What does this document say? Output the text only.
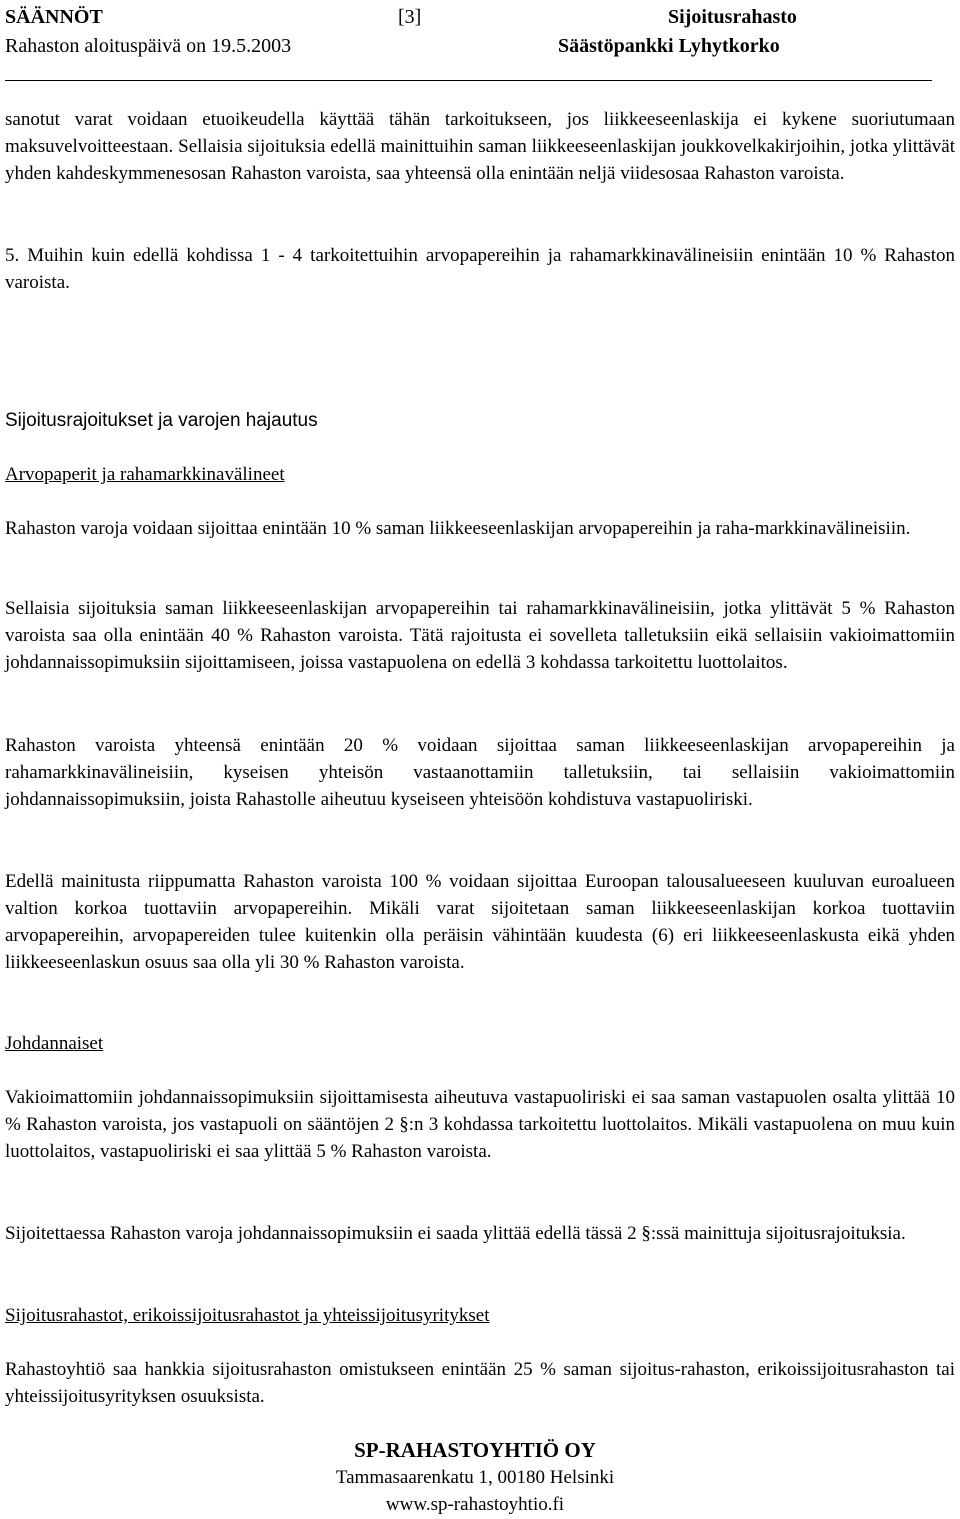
SÄÄNNÖT	[3]	Sijoitusrahasto
Rahaston aloituspäivä on 19.5.2003	Säästöpankki Lyhytkorko
sanotut varat voidaan etuoikeudella käyttää tähän tarkoitukseen, jos liikkeeseenlaskija ei kykene suoriutumaan maksuvelvoitteestaan. Sellaisia sijoituksia edellä mainittuihin saman liikkeeseenlaskijan joukkovelkakirjoihin, jotka ylittävät yhden kahdeskymmenesosan Rahaston varoista, saa yhteensä olla enintään neljä viidesosaa Rahaston varoista.
5. Muihin kuin edellä kohdissa 1 - 4 tarkoitettuihin arvopapereihin ja rahamarkkinavälineisiin enintään 10 % Rahaston varoista.
Sijoitusrajoitukset ja varojen hajautus
Arvopaperit ja rahamarkkinavälineet
Rahaston varoja voidaan sijoittaa enintään 10 % saman liikkeeseenlaskijan arvopapereihin ja raha-markkinavälineisiin.
Sellaisia sijoituksia saman liikkeeseenlaskijan arvopapereihin tai rahamarkkinavälineisiin, jotka ylittävät 5 % Rahaston varoista saa olla enintään 40 % Rahaston varoista. Tätä rajoitusta ei sovelleta talletuksiin eikä sellaisiin vakioimattomiin johdannaissopimuksiin sijoittamiseen, joissa vastapuolena on edellä 3 kohdassa tarkoitettu luottolaitos.
Rahaston varoista yhteensä enintään 20 % voidaan sijoittaa saman liikkeeseenlaskijan arvopapereihin ja rahamarkkinavälineisiin, kyseisen yhteisön vastaanottamiin talletuksiin, tai sellaisiin vakioimattomiin johdannaissopimuksiin, joista Rahastolle aiheutuu kyseiseen yhteisöön kohdistuva vastapuoliriski.
Edellä mainitusta riippumatta Rahaston varoista 100 % voidaan sijoittaa Euroopan talousalueeseen kuuluvan euroalueen valtion korkoa tuottaviin arvopapereihin. Mikäli varat sijoitetaan saman liikkeeseenlaskijan korkoa tuottaviin arvopapereihin, arvopapereiden tulee kuitenkin olla peräisin vähintään kuudesta (6) eri liikkeeseenlaskusta eikä yhden liikkeeseenlaskun osuus saa olla yli 30 % Rahaston varoista.
Johdannaiset
Vakioimattomiin johdannaissopimuksiin sijoittamisesta aiheutuva vastapuoliriski ei saa saman vastapuolen osalta ylittää 10 % Rahaston varoista, jos vastapuoli on sääntöjen 2 §:n 3 kohdassa tarkoitettu luottolaitos. Mikäli vastapuolena on muu kuin luottolaitos, vastapuoliriski ei saa ylittää 5 % Rahaston varoista.
Sijoitettaessa Rahaston varoja johdannaissopimuksiin ei saada ylittää edellä tässä 2 §:ssä mainittuja sijoitusrajoituksia.
Sijoitusrahastot, erikoissijoitusrahastot ja yhteissijoitusyritykset
Rahastoyhtiö saa hankkia sijoitusrahaston omistukseen enintään 25 % saman sijoitus-rahaston, erikoissijoitusrahaston tai yhteissijoitusyrityksen osuuksista.
SP-RAHASTOYHTIÖ OY
Tammasaarenkatu 1, 00180 Helsinki
www.sp-rahastoyhtio.fi
